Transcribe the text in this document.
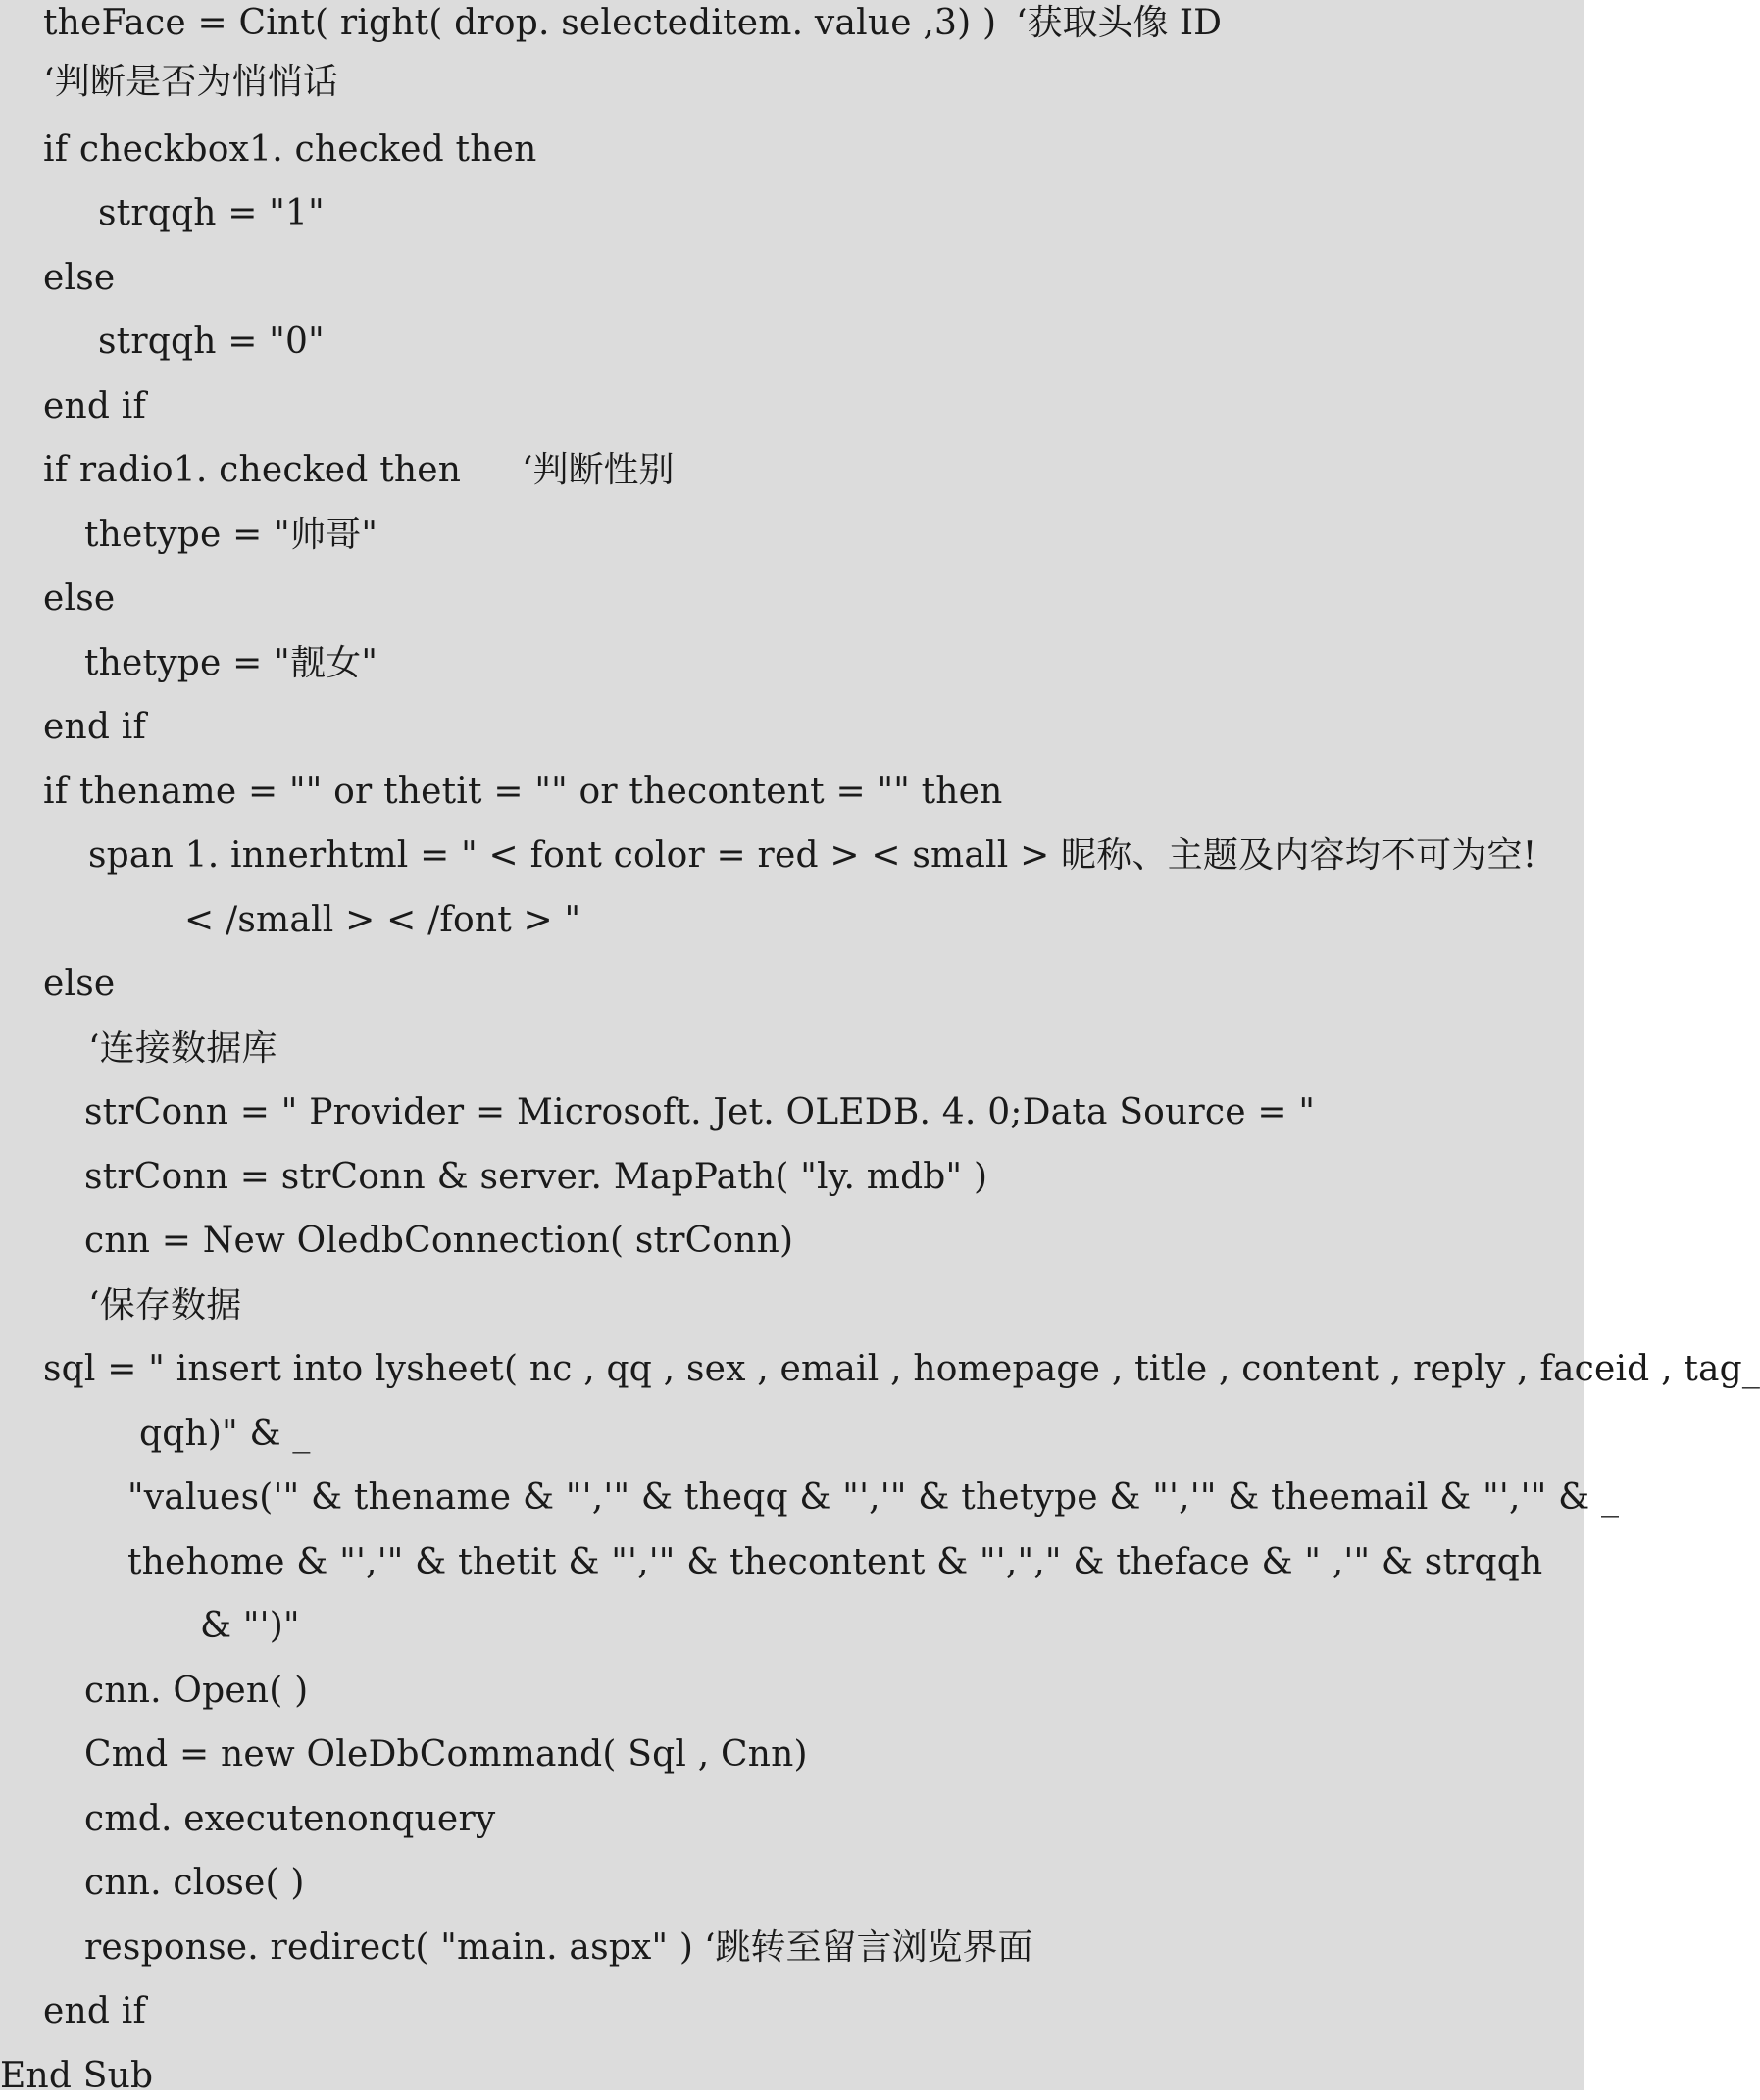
theFace = Cint( right( drop. selecteditem. value ,3) ) ‘获取头像 ID
‘判断是否为悄悄话
if checkbox1. checked then
strqqh = "1"
else
strqqh = "0"
end if
if radio1. checked then ‘判断性别
thetype = "帅哥"
else
thetype = "靓女"
end if
if thename = "" or thetit = "" or thecontent = "" then
span 1. innerhtml = " < font color = red > < small > 昵称、主题及内容均不可为空!
< /small > < /font > "
else
‘连接数据库
strConn = " Provider = Microsoft. Jet. OLEDB. 4. 0;Data Source = "
strConn = strConn & server. MapPath( "ly. mdb" )
cnn = New OledbConnection( strConn)
‘保存数据
sql = " insert into lysheet( nc , qq , sex , email , homepage , title , content , reply , faceid , tag_
qqh)" & _
"values('" & thename & "','" & theqq & "','" & thetype & "','" & theemail & "','" & _
thehome & "','" & thetit & "','" & thecontent & "',"," & theface & " ,'" & strqqh
& "')"
cnn. Open( )
Cmd = new OleDbCommand( Sql , Cnn)
cmd. executenonquery
cnn. close( )
response. redirect( "main. aspx" ) ‘跳转至留言浏览界面
end if
End Sub
